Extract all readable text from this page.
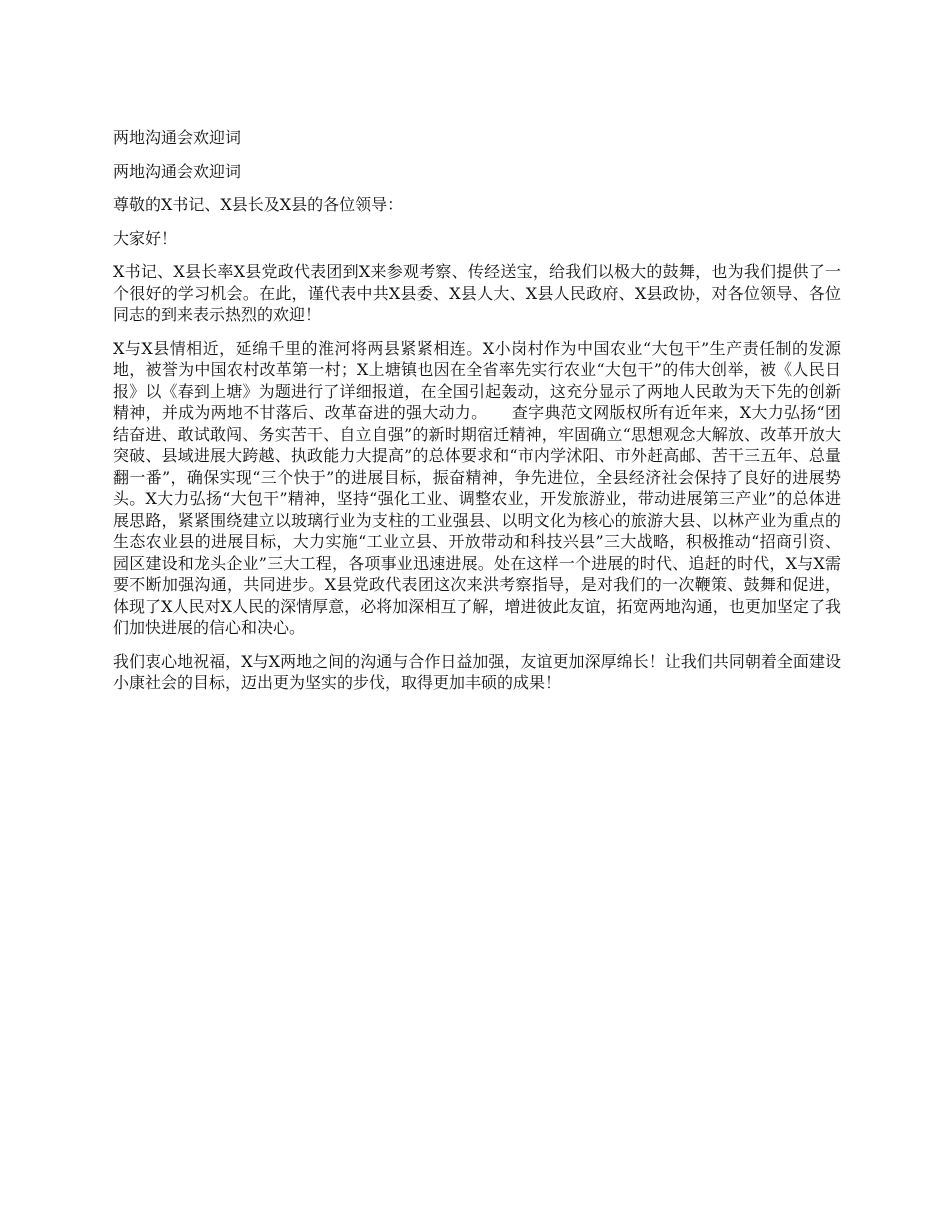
两地沟通会欢迎词

两地沟通会欢迎词

尊敬的X书记、X县长及X县的各位领导：

大家好！

X书记、X县长率X县党政代表团到X来参观考察、传经送宝，给我们以极大的鼓舞，也为我们提供了一个很好的学习机会。在此，谨代表中共X县委、X县人大、X县人民政府、X县政协，对各位领导、各位同志的到来表示热烈的欢迎！

X与X县情相近，延绵千里的淮河将两县紧紧相连。X小岗村作为中国农业“大包干”生产责任制的发源地，被誉为中国农村改革第一村；X上塘镇也因在全省率先实行农业“大包干”的伟大创举，被《人民日报》以《春到上塘》为题进行了详细报道，在全国引起轰动，这充分显示了两地人民敢为天下先的创新精神，并成为两地不甘落后、改革奋进的强大动力。　　查字典范文网版权所有近年来，X大力弘扬“团结奋进、敢试敢闯、务实苦干、自立自强”的新时期宿迁精神，牢固确立“思想观念大解放、改革开放大突破、县域进展大跨越、执政能力大提高”的总体要求和“市内学沭阳、市外赶高邮、苦干三五年、总量翻一番”，确保实现“三个快于”的进展目标，振奋精神，争先进位，全县经济社会保持了良好的进展势头。X大力弘扬“大包干”精神，坚持“强化工业、调整农业，开发旅游业，带动进展第三产业”的总体进展思路，紧紧围绕建立以玻璃行业为支柱的工业强县、以明文化为核心的旅游大县、以林产业为重点的生态农业县的进展目标，大力实施“工业立县、开放带动和科技兴县”三大战略，积极推动“招商引资、园区建设和龙头企业”三大工程，各项事业迅速进展。处在这样一个进展的时代、追赶的时代，X与X需要不断加强沟通，共同进步。X县党政代表团这次来洪考察指导，是对我们的一次鞭策、鼓舞和促进，体现了X人民对X人民的深情厚意，必将加深相互了解，增进彼此友谊，拓宽两地沟通，也更加坚定了我们加快进展的信心和决心。

我们衷心地祝福，X与X两地之间的沟通与合作日益加强，友谊更加深厚绵长！让我们共同朝着全面建设小康社会的目标，迈出更为坚实的步伐，取得更加丰硕的成果！
